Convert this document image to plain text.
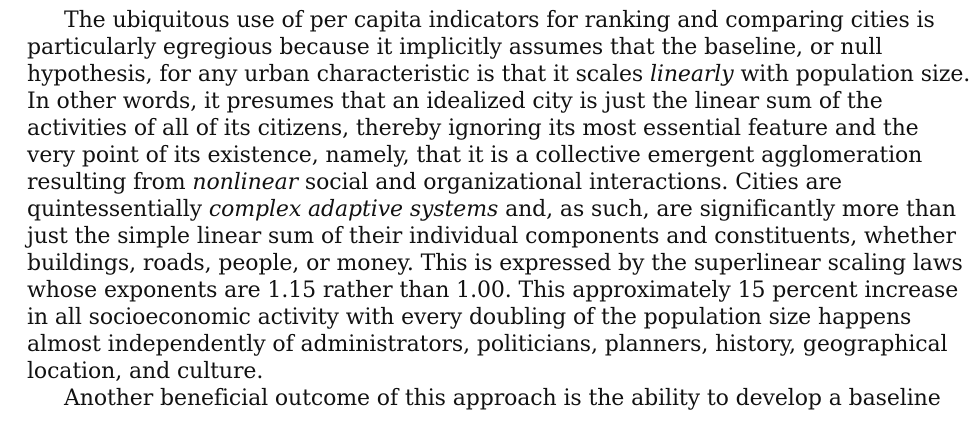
The ubiquitous use of per capita indicators for ranking and comparing cities is
particularly egregious because it implicitly assumes that the baseline, or null
hypothesis, for any urban characteristic is that it scales linearly with population size.
In other words, it presumes that an idealized city is just the linear sum of the
activities of all of its citizens, thereby ignoring its most essential feature and the
very point of its existence, namely, that it is a collective emergent agglomeration
resulting from nonlinear social and organizational interactions. Cities are
quintessentially complex adaptive systems and, as such, are significantly more than
just the simple linear sum of their individual components and constituents, whether
buildings, roads, people, or money. This is expressed by the superlinear scaling laws
whose exponents are 1.15 rather than 1.00. This approximately 15 percent increase
in all socioeconomic activity with every doubling of the population size happens
almost independently of administrators, politicians, planners, history, geographical
location, and culture.
Another beneficial outcome of this approach is the ability to develop a baseline
